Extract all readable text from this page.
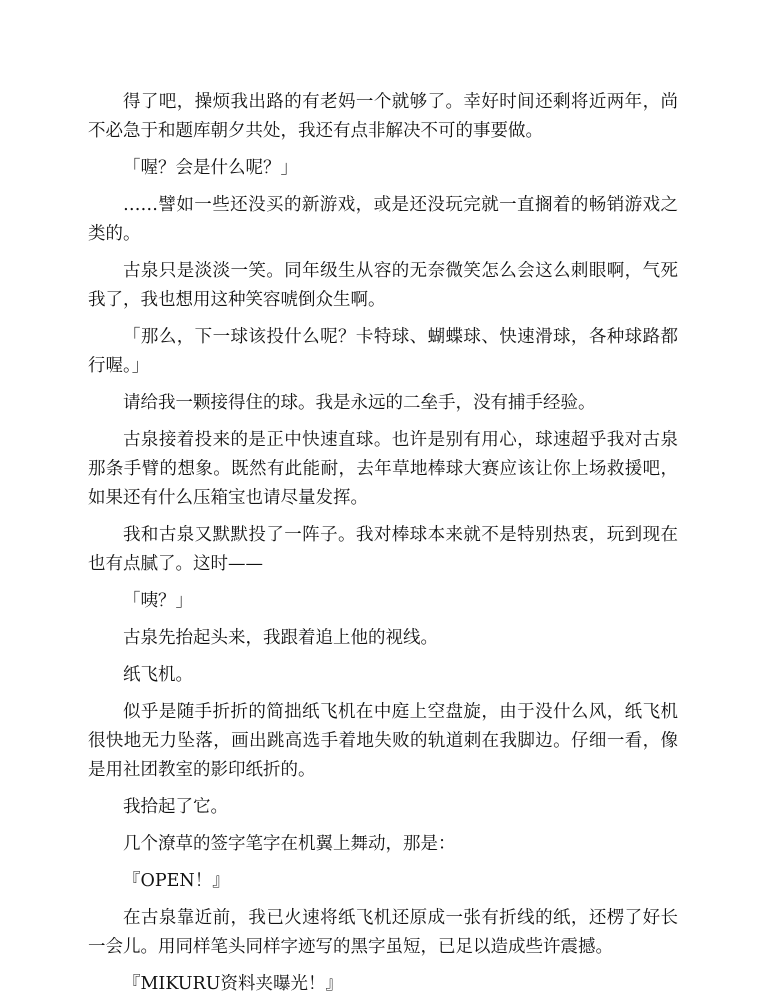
得了吧，操烦我出路的有老妈一个就够了。幸好时间还剩将近两年，尚不必急于和题库朝夕共处，我还有点非解决不可的事要做。

「喔？会是什么呢？」

……譬如一些还没买的新游戏，或是还没玩完就一直搁着的畅销游戏之类的。

古泉只是淡淡一笑。同年级生从容的无奈微笑怎么会这么刺眼啊，气死我了，我也想用这种笑容唬倒众生啊。

「那么，下一球该投什么呢？卡特球、蝴蝶球、快速滑球，各种球路都行喔。」

请给我一颗接得住的球。我是永远的二垒手，没有捕手经验。

古泉接着投来的是正中快速直球。也许是别有用心，球速超乎我对古泉那条手臂的想象。既然有此能耐，去年草地棒球大赛应该让你上场救援吧，如果还有什么压箱宝也请尽量发挥。

我和古泉又默默投了一阵子。我对棒球本来就不是特别热衷，玩到现在也有点腻了。这时——

「咦？」

古泉先抬起头来，我跟着追上他的视线。

纸飞机。

似乎是随手折折的简拙纸飞机在中庭上空盘旋，由于没什么风，纸飞机很快地无力坠落，画出跳高选手着地失败的轨道刺在我脚边。仔细一看，像是用社团教室的影印纸折的。

我拾起了它。

几个潦草的签字笔字在机翼上舞动，那是：

『OPEN！』

在古泉靠近前，我已火速将纸飞机还原成一张有折线的纸，还楞了好长一会儿。用同样笔头同样字迹写的黑字虽短，已足以造成些许震撼。

『MIKURU资料夹曝光！』
